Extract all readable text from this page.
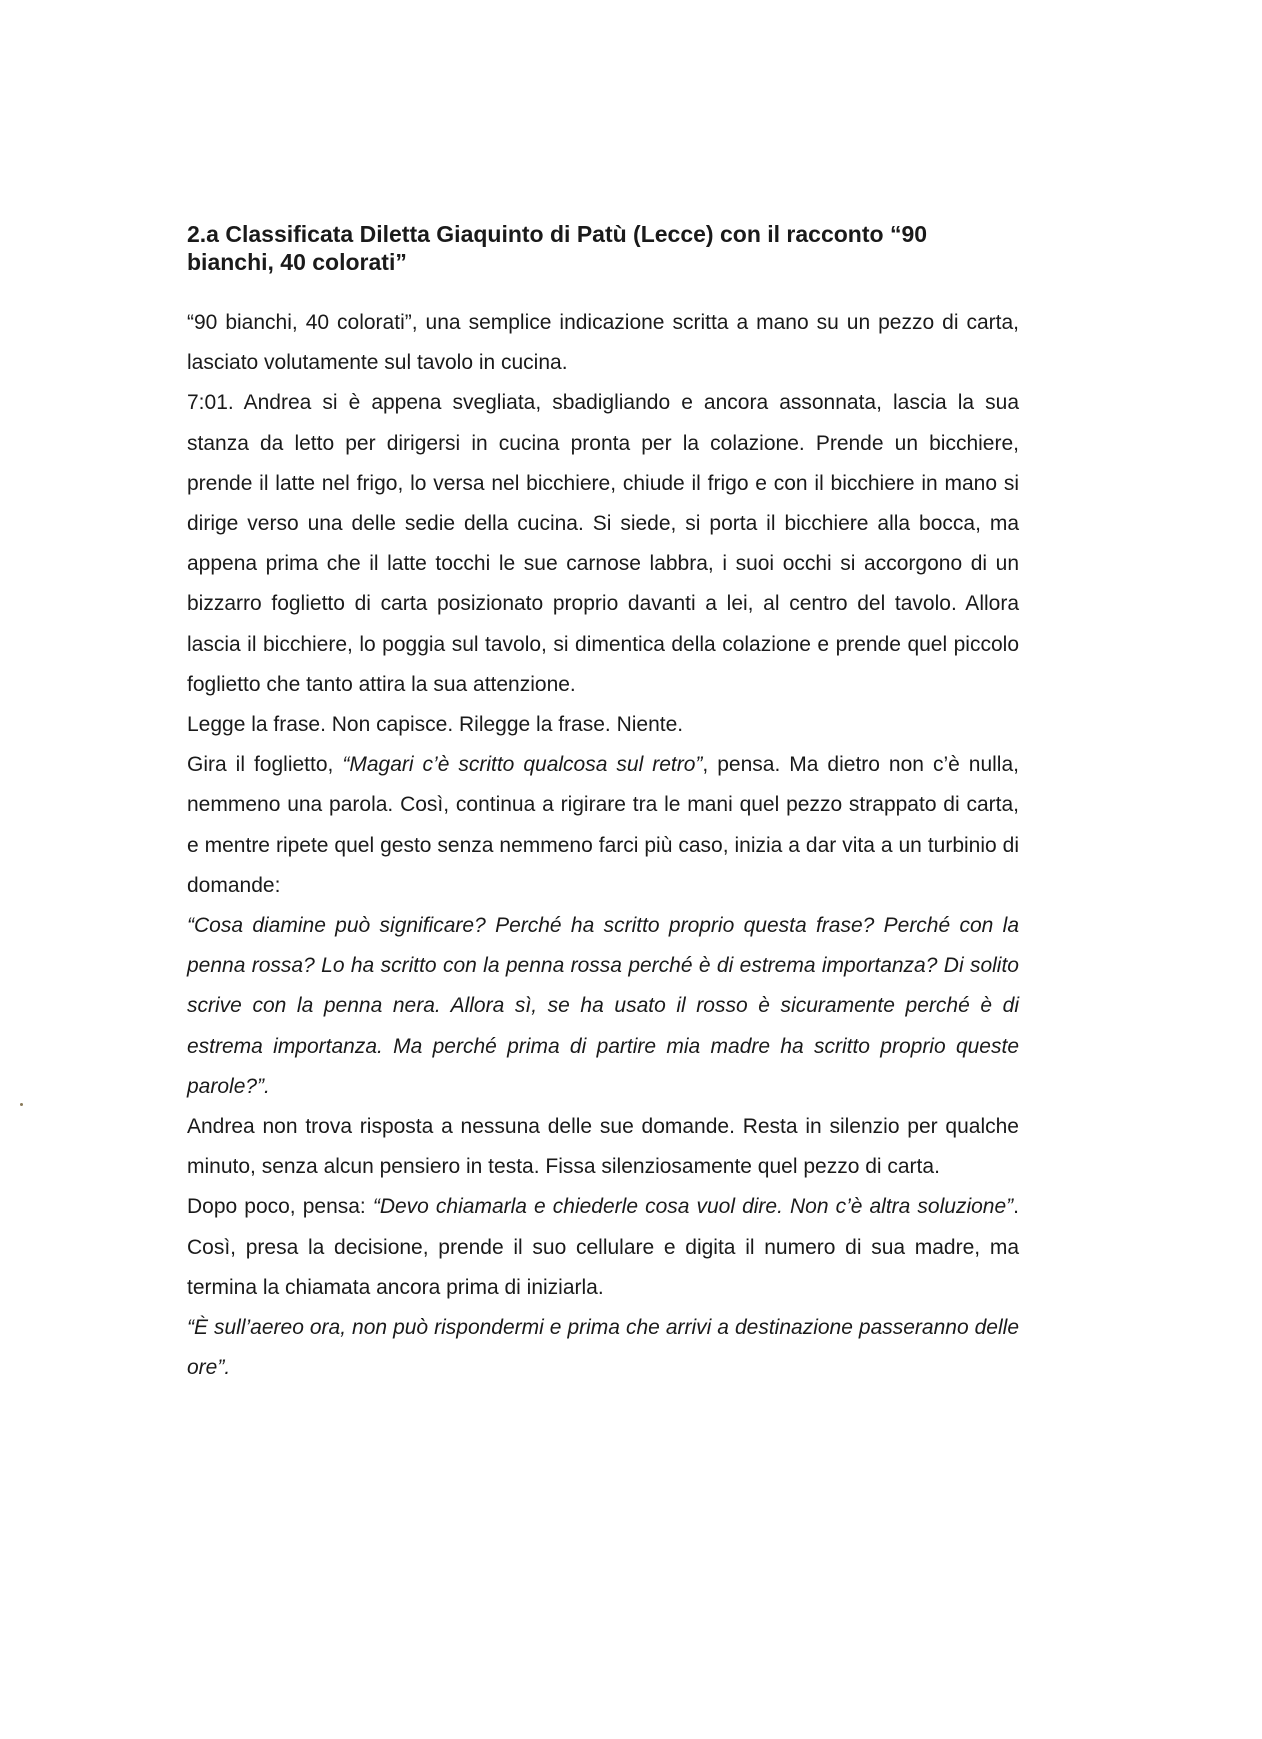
2.a Classificata Diletta Giaquinto di Patù (Lecce) con il racconto “90 bianchi, 40 colorati”

“90 bianchi, 40 colorati”, una semplice indicazione scritta a mano su un pezzo di carta, lasciato volutamente sul tavolo in cucina.

7:01. Andrea si è appena svegliata, sbadigliando e ancora assonnata, lascia la sua stanza da letto per dirigersi in cucina pronta per la colazione. Prende un bicchiere, prende il latte nel frigo, lo versa nel bicchiere, chiude il frigo e con il bicchiere in mano si dirige verso una delle sedie della cucina. Si siede, si porta il bicchiere alla bocca, ma appena prima che il latte tocchi le sue carnose labbra, i suoi occhi si accorgono di un bizzarro foglietto di carta posizionato proprio davanti a lei, al centro del tavolo. Allora lascia il bicchiere, lo poggia sul tavolo, si dimentica della colazione e prende quel piccolo foglietto che tanto attira la sua attenzione.

Legge la frase. Non capisce. Rilegge la frase. Niente.

Gira il foglietto, “Magari c’è scritto qualcosa sul retro”, pensa. Ma dietro non c’è nulla, nemmeno una parola. Così, continua a rigirare tra le mani quel pezzo strappato di carta, e mentre ripete quel gesto senza nemmeno farci più caso, inizia a dar vita a un turbinio di domande:

“Cosa diamine può significare? Perché ha scritto proprio questa frase? Perché con la penna rossa? Lo ha scritto con la penna rossa perché è di estrema importanza? Di solito scrive con la penna nera. Allora sì, se ha usato il rosso è sicuramente perché è di estrema importanza. Ma perché prima di partire mia madre ha scritto proprio queste parole?”.

Andrea non trova risposta a nessuna delle sue domande. Resta in silenzio per qualche minuto, senza alcun pensiero in testa. Fissa silenziosamente quel pezzo di carta.

Dopo poco, pensa: “Devo chiamarla e chiederle cosa vuol dire. Non c’è altra soluzione”. Così, presa la decisione, prende il suo cellulare e digita il numero di sua madre, ma termina la chiamata ancora prima di iniziarla.

“È sull’aereo ora, non può rispondermi e prima che arrivi a destinazione passeranno delle ore”.
